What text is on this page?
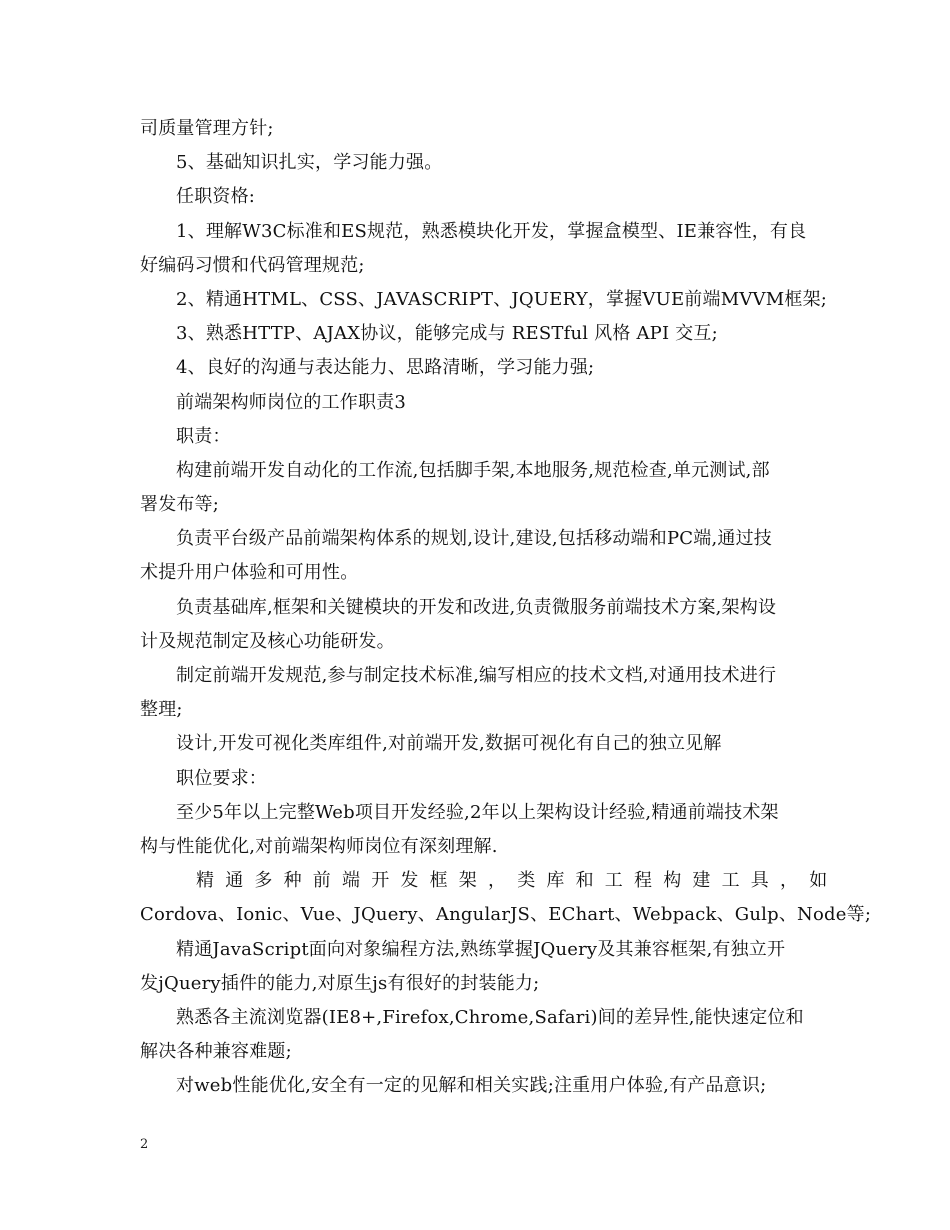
司质量管理方针;
5、基础知识扎实，学习能力强。
任职资格:
1、理解W3C标准和ES规范，熟悉模块化开发，掌握盒模型、IE兼容性，有良
好编码习惯和代码管理规范;
2、精通HTML、CSS、JAVASCRIPT、JQUERY，掌握VUE前端MVVM框架;
3、熟悉HTTP、AJAX协议，能够完成与 RESTful 风格 API 交互;
4、良好的沟通与表达能力、思路清晰，学习能力强;
前端架构师岗位的工作职责3
职责：
构建前端开发自动化的工作流,包括脚手架,本地服务,规范检查,单元测试,部
署发布等;
负责平台级产品前端架构体系的规划,设计,建设,包括移动端和PC端,通过技
术提升用户体验和可用性。
负责基础库,框架和关键模块的开发和改进,负责微服务前端技术方案,架构设
计及规范制定及核心功能研发。
制定前端开发规范,参与制定技术标准,编写相应的技术文档,对通用技术进行
整理;
设计,开发可视化类库组件,对前端开发,数据可视化有自己的独立见解
职位要求：
至少5年以上完整Web项目开发经验,2年以上架构设计经验,精通前端技术架
构与性能优化,对前端架构师岗位有深刻理解.
精通多种前端开发框架，类库和工程构建工具，如
Cordova、Ionic、Vue、JQuery、AngularJS、EChart、Webpack、Gulp、Node等;
精通JavaScript面向对象编程方法,熟练掌握JQuery及其兼容框架,有独立开
发jQuery插件的能力,对原生js有很好的封装能力;
熟悉各主流浏览器(IE8+,Firefox,Chrome,Safari)间的差异性,能快速定位和
解决各种兼容难题;
对web性能优化,安全有一定的见解和相关实践;注重用户体验,有产品意识;
2
